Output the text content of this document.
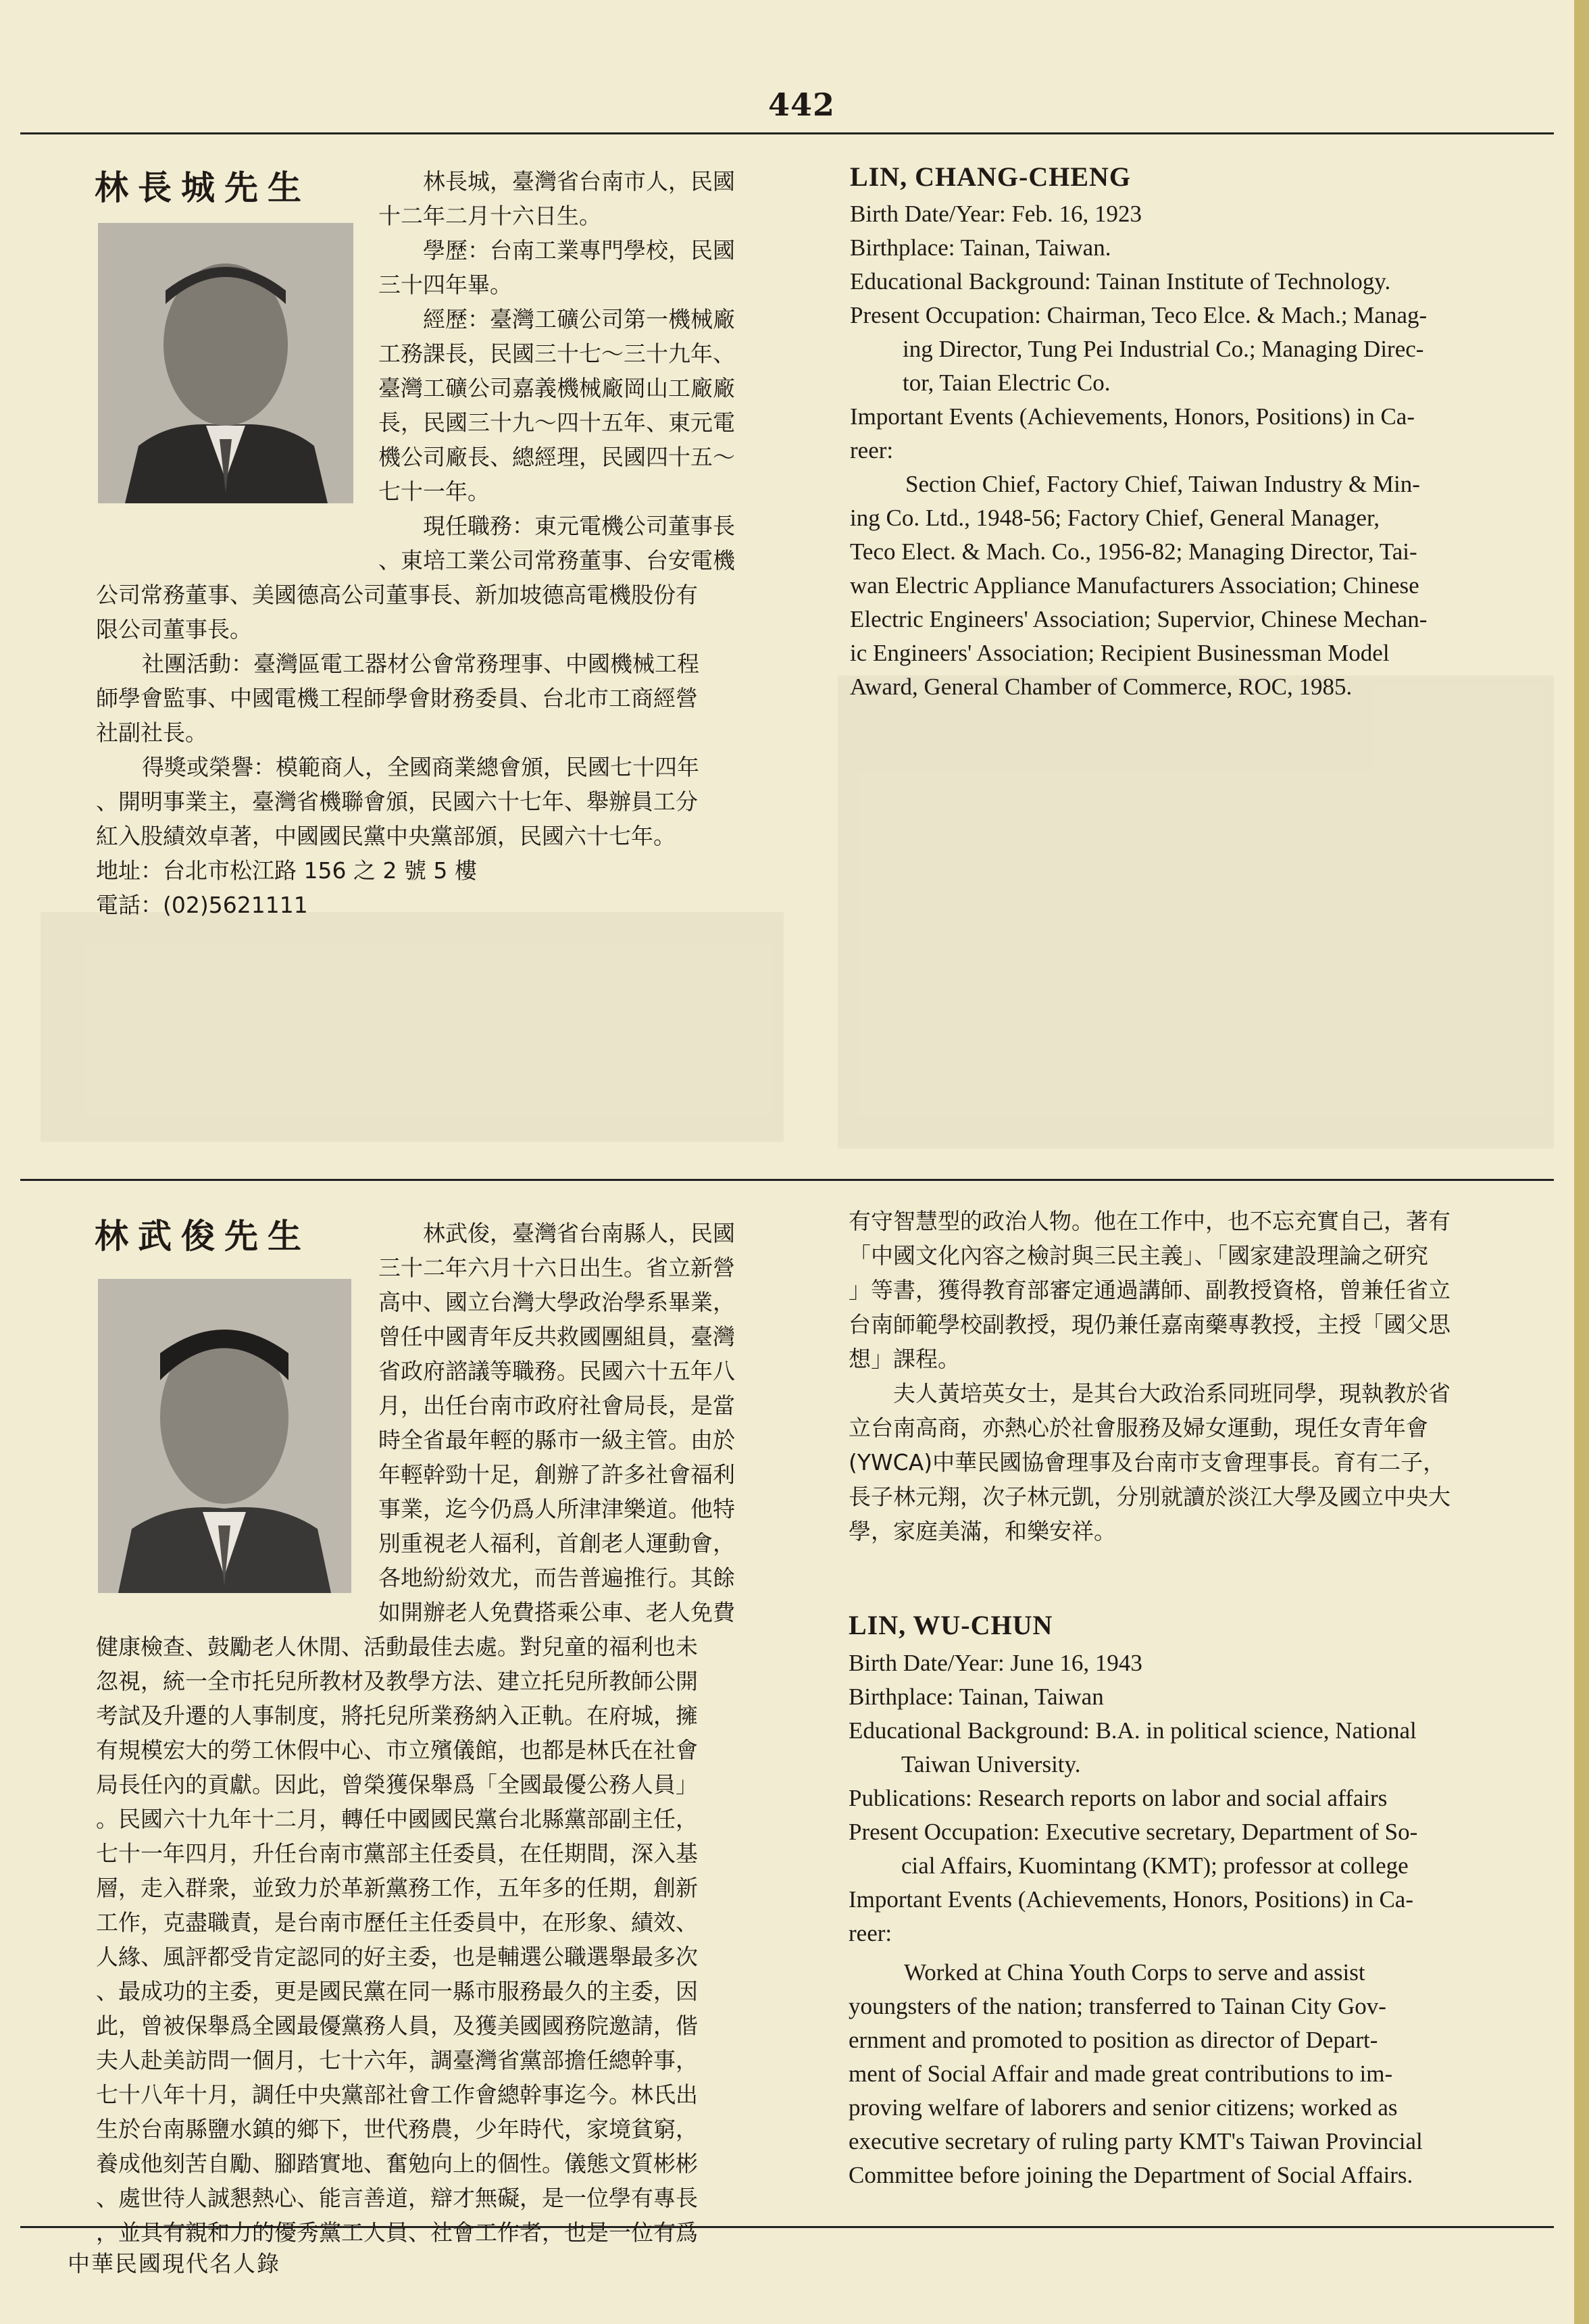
442
林長城先生	林長城，臺灣省台南市人，民國

十二年二月十六日生。

學歷：台南工業專門學校，民國

三十四年畢。

經歷：臺灣工礦公司第一機械廠

工務課長，民國三十七～三十九年、

臺灣工礦公司嘉義機械廠岡山工廠廠

長，民國三十九～四十五年、東元電

機公司廠長、總經理，民國四十五～

七十一年。

現任職務：東元電機公司董事長

、東培工業公司常務董事、台安電機

公司常務董事、美國德高公司董事長、新加坡德高電機股份有

限公司董事長。

社團活動：臺灣區電工器材公會常務理事、中國機械工程

師學會監事、中國電機工程師學會財務委員、台北市工商經營

社副社長。

得獎或榮譽：模範商人，全國商業總會頒，民國七十四年

、開明事業主，臺灣省機聯會頒，民國六十七年、舉辦員工分

紅入股績效卓著，中國國民黨中央黨部頒，民國六十七年。

地址：台北市松江路 156 之 2 號 5 樓

電話：(02)5621111

LIN, CHANG-CHENG

Birth Date/Year: Feb. 16, 1923

Birthplace: Tainan, Taiwan.

Educational Background: Tainan Institute of Technology.

Present Occupation: Chairman, Teco Elce. & Mach.; Manag-

ing Director, Tung Pei Industrial Co.; Managing Direc-

tor, Taian Electric Co.

Important Events (Achievements, Honors, Positions) in Ca-

reer:

Section Chief, Factory Chief, Taiwan Industry & Min-

ing Co. Ltd., 1948-56; Factory Chief, General Manager,

Teco Elect. & Mach. Co., 1956-82; Managing Director, Tai-

wan Electric Appliance Manufacturers Association; Chinese

Electric Engineers' Association; Supervior, Chinese Mechan-

ic Engineers' Association; Recipient Businessman Model

Award, General Chamber of Commerce, ROC, 1985.

林武俊先生	林武俊，臺灣省台南縣人，民國

三十二年六月十六日出生。省立新營

高中、國立台灣大學政治學系畢業，

曾任中國青年反共救國團組員，臺灣

省政府諮議等職務。民國六十五年八

月，出任台南市政府社會局長，是當

時全省最年輕的縣市一級主管。由於

年輕幹勁十足，創辦了許多社會福利

事業，迄今仍爲人所津津樂道。他特

別重視老人福利，首創老人運動會，

各地紛紛效尤，而告普遍推行。其餘

如開辦老人免費搭乘公車、老人免費

健康檢查、鼓勵老人休閒、活動最佳去處。對兒童的福利也未

忽視，統一全市托兒所教材及教學方法、建立托兒所教師公開

考試及升遷的人事制度，將托兒所業務納入正軌。在府城，擁

有規模宏大的勞工休假中心、市立殯儀館，也都是林氏在社會

局長任內的貢獻。因此，曾榮獲保舉爲「全國最優公務人員」

。民國六十九年十二月，轉任中國國民黨台北縣黨部副主任，

七十一年四月，升任台南市黨部主任委員，在任期間，深入基

層，走入群衆，並致力於革新黨務工作，五年多的任期，創新

工作，克盡職責，是台南市歷任主任委員中，在形象、績效、

人緣、風評都受肯定認同的好主委，也是輔選公職選舉最多次

、最成功的主委，更是國民黨在同一縣市服務最久的主委，因

此，曾被保舉爲全國最優黨務人員，及獲美國國務院邀請，偕

夫人赴美訪問一個月，七十六年，調臺灣省黨部擔任總幹事，

七十八年十月，調任中央黨部社會工作會總幹事迄今。林氏出

生於台南縣鹽水鎮的鄉下，世代務農，少年時代，家境貧窮，

養成他刻苦自勵、腳踏實地、奮勉向上的個性。儀態文質彬彬

、處世待人誠懇熱心、能言善道，辯才無礙，是一位學有專長

，並具有親和力的優秀黨工人員、社會工作者，也是一位有爲

有守智慧型的政治人物。他在工作中，也不忘充實自己，著有

「中國文化內容之檢討與三民主義」、「國家建設理論之研究

」等書，獲得教育部審定通過講師、副教授資格，曾兼任省立

台南師範學校副教授，現仍兼任嘉南藥專教授，主授「國父思

想」課程。

夫人黃培英女士，是其台大政治系同班同學，現執教於省

立台南高商，亦熱心於社會服務及婦女運動，現任女青年會

(YWCA)中華民國協會理事及台南市支會理事長。育有二子，

長子林元翔，次子林元凱，分別就讀於淡江大學及國立中央大

學，家庭美滿，和樂安祥。

LIN, WU-CHUN

Birth Date/Year: June 16, 1943

Birthplace: Tainan, Taiwan

Educational Background: B.A. in political science, National

Taiwan University.

Publications: Research reports on labor and social affairs

Present Occupation: Executive secretary, Department of So-

cial Affairs, Kuomintang (KMT); professor at college

Important Events (Achievements, Honors, Positions) in Ca-

reer:

Worked at China Youth Corps to serve and assist

youngsters of the nation; transferred to Tainan City Gov-

ernment and promoted to position as director of Depart-

ment of Social Affair and made great contributions to im-

proving welfare of laborers and senior citizens; worked as

executive secretary of ruling party KMT's Taiwan Provincial

Committee before joining the Department of Social Affairs.

中華民國現代名人錄
